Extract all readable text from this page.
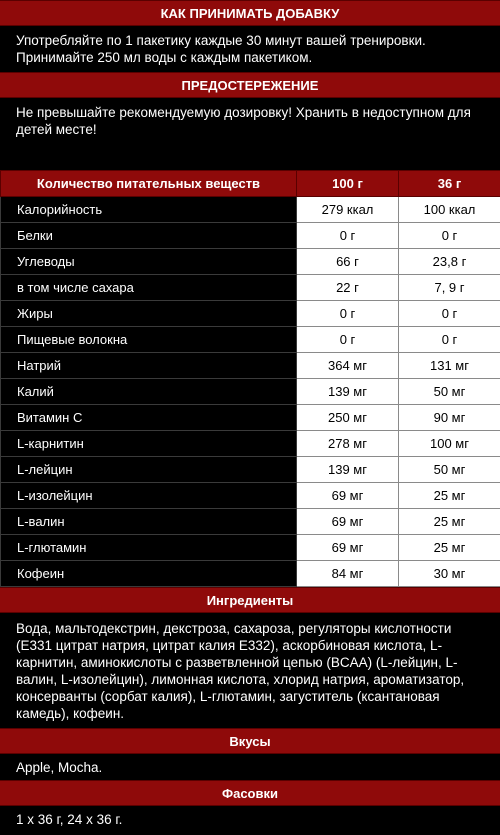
КАК ПРИНИМАТЬ ДОБАВКУ
Употребляйте по 1 пакетику каждые 30 минут вашей тренировки. Принимайте 250 мл воды с каждым пакетиком.
ПРЕДОСТЕРЕЖЕНИЕ
Не превышайте рекомендуемую дозировку! Хранить в недоступном для детей месте!
Количество питательных веществ	100 г	36 г
Калорийность	279 ккал	100 ккал
Белки	0 г	0 г
Углеводы	66 г	23,8 г
в том числе сахара	22 г	7, 9 г
Жиры	0 г	0 г
Пищевые волокна	0 г	0 г
Натрий	364 мг	131 мг
Калий	139 мг	50 мг
Витамин С	250 мг	90 мг
L-карнитин	278 мг	100 мг
L-лейцин	139 мг	50 мг
L-изолейцин	69 мг	25 мг
L-валин	69 мг	25 мг
L-глютамин	69 мг	25 мг
Кофеин	84 мг	30 мг
Ингредиенты
Вода, мальтодекстрин, декстроза, сахароза, регуляторы кислотности (E331 цитрат натрия, цитрат калия E332), аскорбиновая кислота, L-карнитин, аминокислоты с разветвленной цепью (BCAA) (L-лейцин, L-валин, L-изолейцин), лимонная кислота, хлорид натрия, ароматизатор, консерванты (сорбат калия), L-глютамин, загуститель (ксантановая камедь), кофеин.
Вкусы
Apple, Mocha.
Фасовки
1 x 36 г, 24 x 36 г.
